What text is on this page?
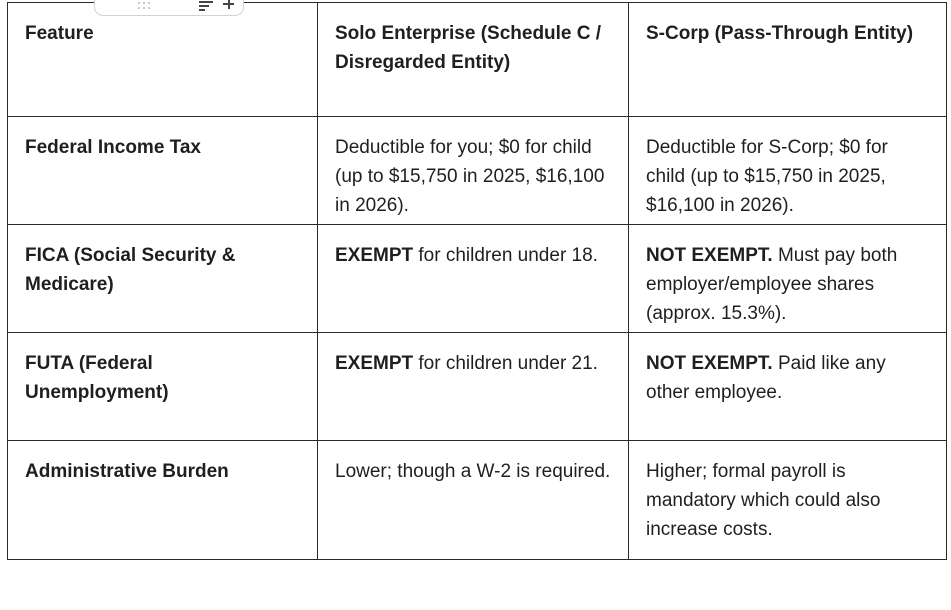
Feature	Solo Enterprise (Schedule C / Disregarded Entity)	S-Corp (Pass-Through Entity)
Federal Income Tax	Deductible for you; $0 for child (up to $15,750 in 2025, $16,100 in 2026).	Deductible for S-Corp; $0 for child (up to $15,750 in 2025, $16,100 in 2026).
FICA (Social Security & Medicare)	EXEMPT for children under 18.	NOT EXEMPT. Must pay both employer/employee shares (approx. 15.3%).
FUTA (Federal Unemployment)	EXEMPT for children under 21.	NOT EXEMPT. Paid like any other employee.
Administrative Burden	Lower; though a W-2 is required.	Higher; formal payroll is mandatory which could also increase costs.
